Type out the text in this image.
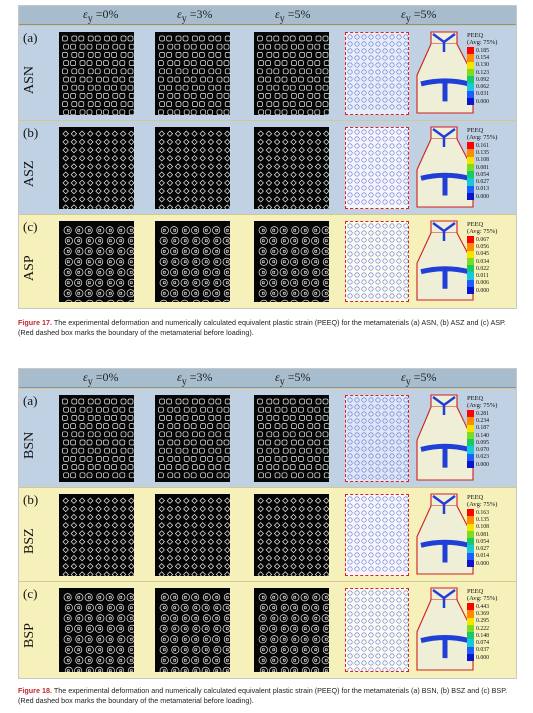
$\varepsilon_y =0\%$	$\varepsilon_y =3\%$	$\varepsilon_y =5\%$	$\varepsilon_y =5\%$
(a)
ASN
PEEQ
(Avg: 75%)
0.185
0.154
0.130
0.123
0.092
0.062
0.031
0.000
(b)
ASZ
PEEQ
(Avg: 75%)
0.161
0.135
0.108
0.081
0.054
0.027
0.013
0.000
(c)
ASP
PEEQ
(Avg: 75%)
0.067
0.056
0.045
0.034
0.022
0.011
0.006
0.000
Figure 17. The experimental deformation and numerically calculated equivalent plastic strain (PEEQ) for the metamaterials (a) ASN, (b) ASZ and (c) ASP. (Red dashed box marks the boundary of the metamaterial before loading).
$\varepsilon_y =0\%$	$\varepsilon_y =3\%$	$\varepsilon_y =5\%$	$\varepsilon_y =5\%$
(a)
BSN
PEEQ
(Avg: 75%)
0.281
0.234
0.187
0.140
0.095
0.070
0.023
0.000
(b)
BSZ
PEEQ
(Avg: 75%)
0.163
0.135
0.108
0.081
0.054
0.027
0.014
0.000
(c)
BSP
PEEQ
(Avg: 75%)
0.443
0.369
0.295
0.222
0.148
0.074
0.037
0.000
Figure 18. The experimental deformation and numerically calculated equivalent plastic strain (PEEQ) for the metamaterials (a) BSN, (b) BSZ and (c) BSP. (Red dashed box marks the boundary of the metamaterial before loading).
